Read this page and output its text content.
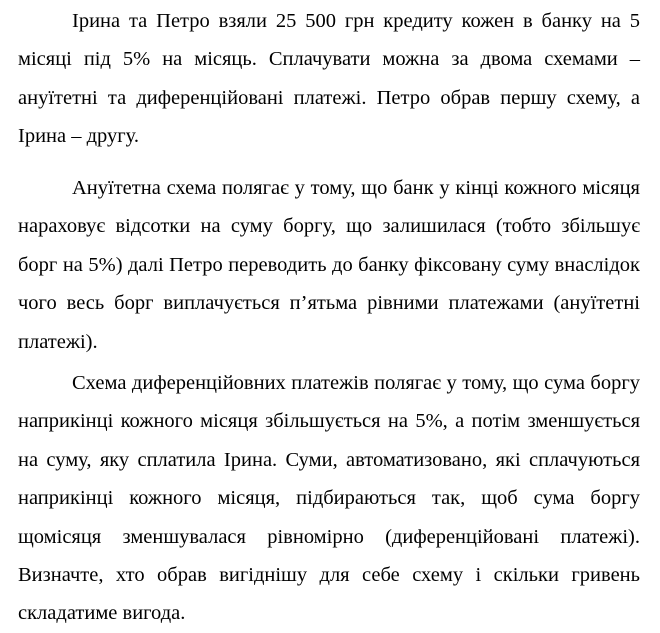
Ірина та Петро взяли 25 500 грн кредиту кожен в банку на 5 місяці під 5% на місяць. Сплачувати можна за двома схемами – ануїтетні та диференційовані платежі. Петро обрав першу схему, а Ірина – другу.

Ануїтетна схема полягає у тому, що банк у кінці кожного місяця нараховує відсотки на суму боргу, що залишилася (тобто збільшує борг на 5%) далі Петро переводить до банку фіксовану суму внаслідок чого весь борг виплачується п’ятьма рівними платежами (ануїтетні платежі).

Схема диференційовних платежів полягає у тому, що сума боргу наприкінці кожного місяця збільшується на 5%, а потім зменшується на суму, яку сплатила Ірина. Суми, автоматизовано, які сплачуються наприкінці кожного місяця, підбираються так, щоб сума боргу щомісяця зменшувалася рівномірно (диференційовані платежі). Визначте, хто обрав вигіднішу для себе схему і скільки гривень складатиме вигода.
